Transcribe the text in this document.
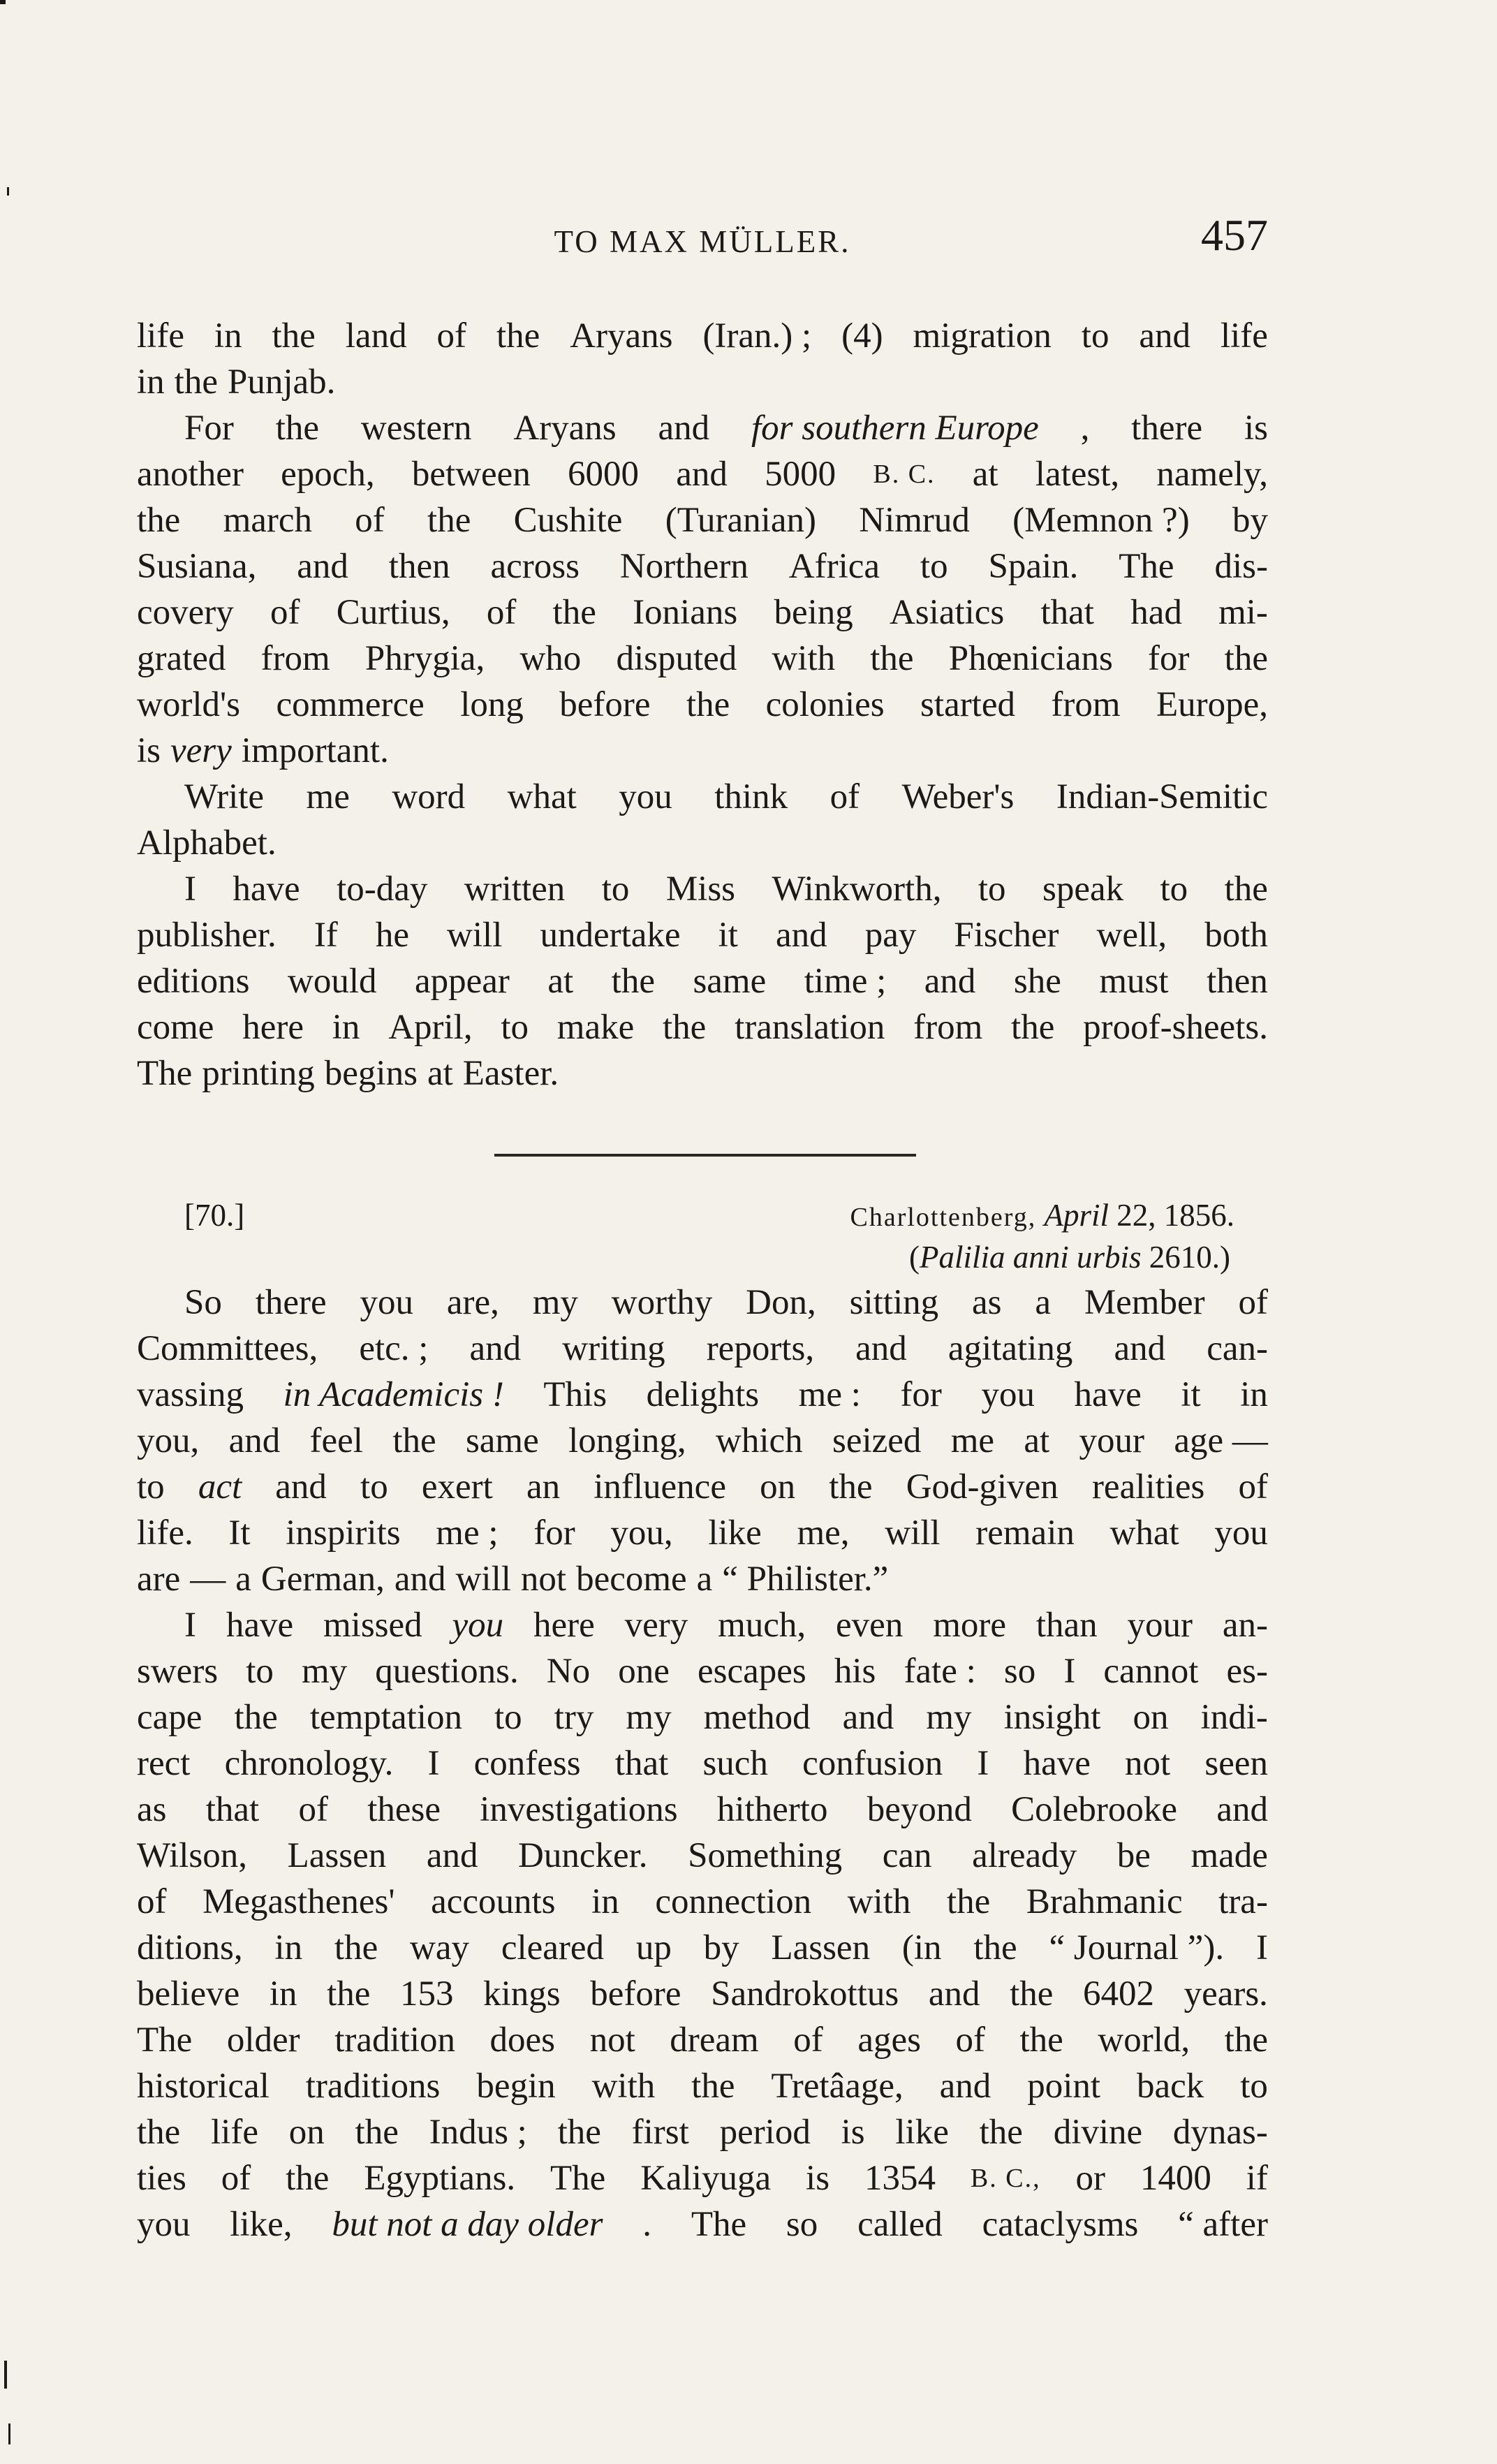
TO MAX MÜLLER.	457
life in the land of the Aryans (Iran.) ; (4) migration to and life
in the Punjab.
For the western Aryans and for southern Europe , there is
another epoch, between 6000 and 5000 B. C. at latest, namely,
the march of the Cushite (Turanian) Nimrud (Memnon ?) by
Susiana, and then across Northern Africa to Spain. The dis-
covery of Curtius, of the Ionians being Asiatics that had mi-
grated from Phrygia, who disputed with the Phœnicians for the
world's commerce long before the colonies started from Europe,
is very important.
Write me word what you think of Weber's Indian-Semitic
Alphabet.
I have to-day written to Miss Winkworth, to speak to the
publisher. If he will undertake it and pay Fischer well, both
editions would appear at the same time ; and she must then
come here in April, to make the translation from the proof-sheets.
The printing begins at Easter.
[70.]	Charlottenberg, April 22, 1856.
(Palilia anni urbis 2610.)
So there you are, my worthy Don, sitting as a Member of
Committees, etc. ; and writing reports, and agitating and can-
vassing in Academicis ! This delights me : for you have it in
you, and feel the same longing, which seized me at your age —
to act and to exert an influence on the God-given realities of
life. It inspirits me ; for you, like me, will remain what you
are — a German, and will not become a “ Philister.”
I have missed you here very much, even more than your an-
swers to my questions. No one escapes his fate : so I cannot es-
cape the temptation to try my method and my insight on indi-
rect chronology. I confess that such confusion I have not seen
as that of these investigations hitherto beyond Colebrooke and
Wilson, Lassen and Duncker. Something can already be made
of Megasthenes' accounts in connection with the Brahmanic tra-
ditions, in the way cleared up by Lassen (in the “ Journal ”). I
believe in the 153 kings before Sandrokottus and the 6402 years.
The older tradition does not dream of ages of the world, the
historical traditions begin with the Tretâage, and point back to
the life on the Indus ; the first period is like the divine dynas-
ties of the Egyptians. The Kaliyuga is 1354 B. C., or 1400 if
you like, but not a day older . The so called cataclysms “ after
